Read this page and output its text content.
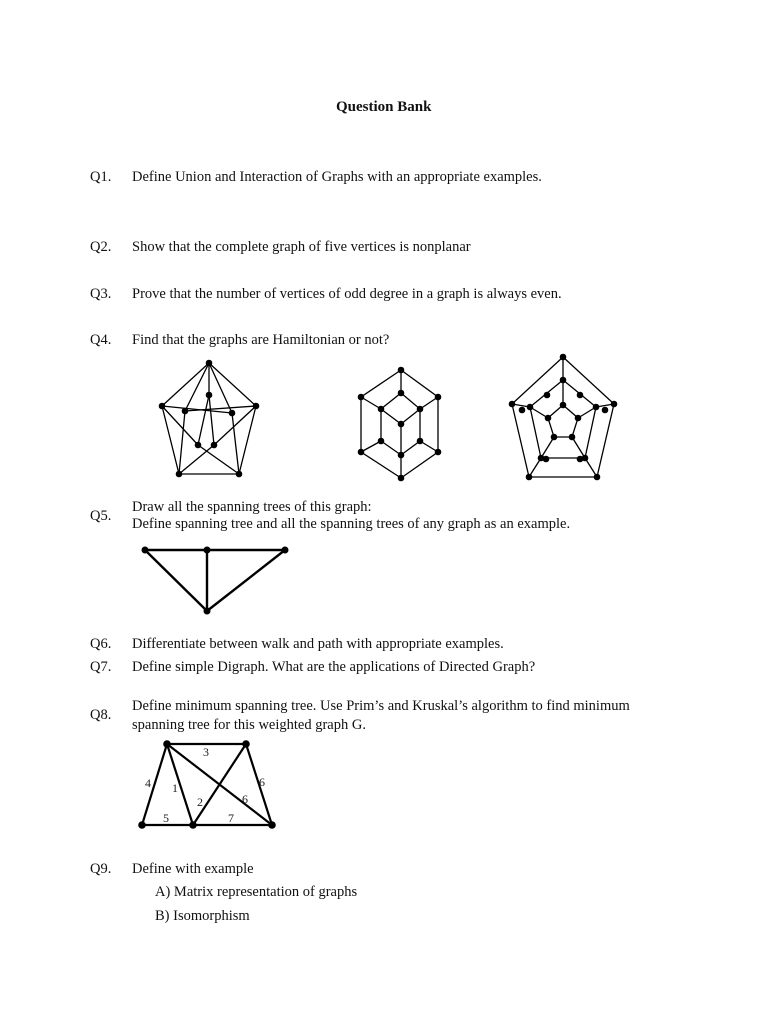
Question Bank
Q1. Define Union and Interaction of Graphs with an appropriate examples.
Q2. Show that the complete graph of five vertices is nonplanar
Q3. Prove that the number of vertices of odd degree in a graph is always even.
Q4. Find that the graphs are Hamiltonian or not?
Q5.
Draw all the spanning trees of this graph:
Define spanning tree and all the spanning trees of any graph as an example.
Q6. Differentiate between walk and path with appropriate examples.
Q7. Define simple Digraph. What are the applications of Directed Graph?
Q8.
Define minimum spanning tree. Use Prim’s and Kruskal’s algorithm to find minimum
spanning tree for this weighted graph G.
3
4 1
2	6
6
5	7
Q9. Define with example
A) Matrix representation of graphs
B) Isomorphism
